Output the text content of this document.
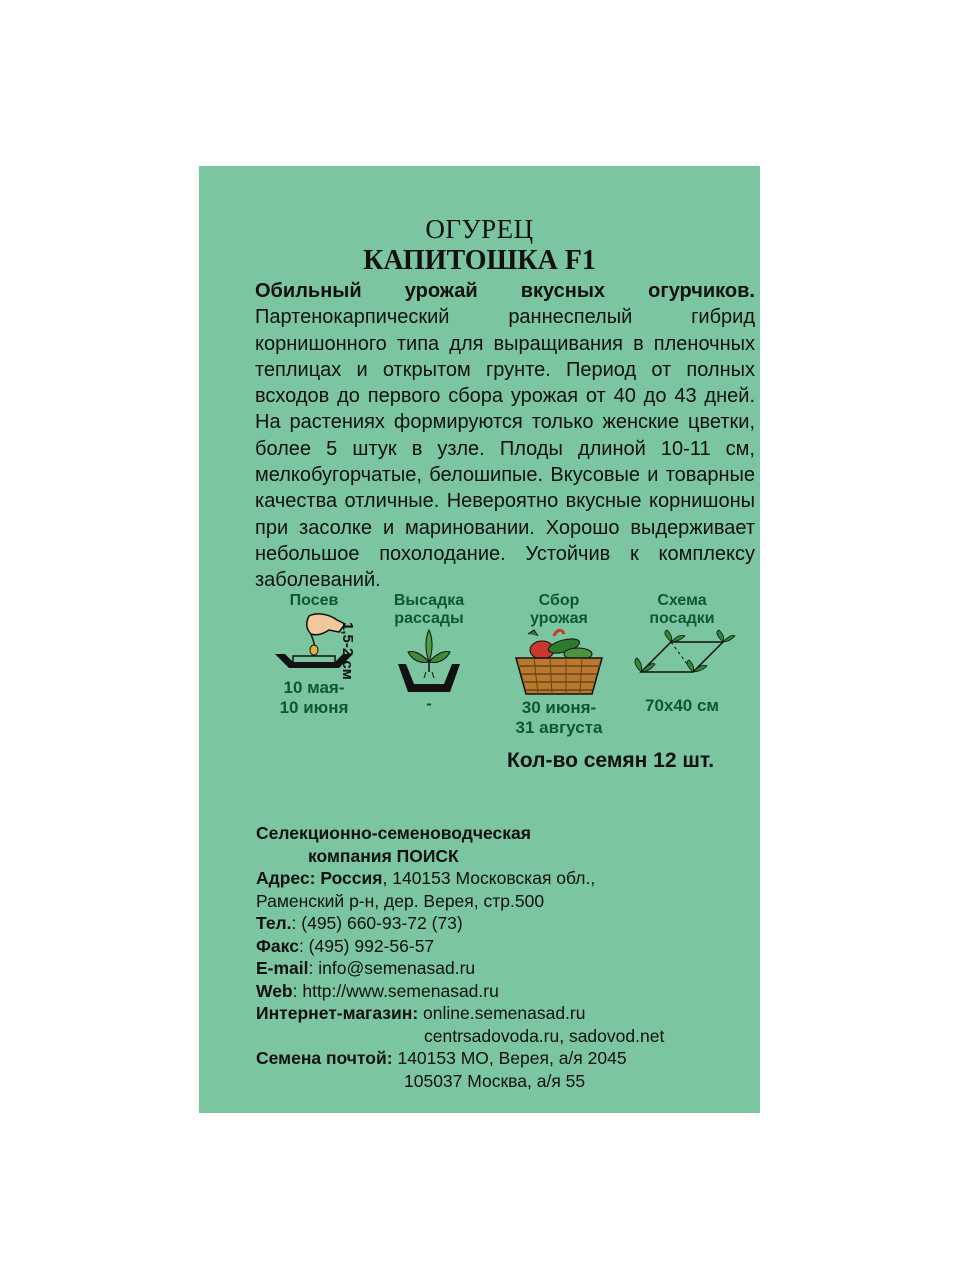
ОГУРЕЦ
КАПИТОШКА F1
Обильный урожай вкусных огурчиков.
Партенокарпический раннеспелый гибрид корнишонного типа для выращивания в пленочных теплицах и открытом грунте. Период от полных всходов до первого сбора урожая от 40 до 43 дней. На растениях формируются только женские цветки, более 5 штук в узле. Плоды длиной 10-11 см, мелкобугорчатые, белошипые. Вкусовые и товарные качества отличные. Невероятно вкусные корнишоны при засолке и мариновании. Хорошо выдерживает небольшое похолодание. Устойчив к комплексу заболеваний.
Посев
10 мая-
10 июня
1,5-2 см
Высадка
рассады
-
Сбор
урожая
30 июня-
31 августа
Схема
посадки
70x40 см
Кол-во семян 12 шт.
Селекционно-семеноводческая
компания ПОИСК
Адрес: Россия, 140153 Московская обл.,
Раменский р-н, дер. Верея, стр.500
Тел.: (495) 660-93-72 (73)
Факс: (495) 992-56-57
E-mail: info@semenasad.ru
Web: http://www.semenasad.ru
Интернет-магазин: online.semenasad.ru
centrsadovoda.ru, sadovod.net
Семена почтой: 140153 МО, Верея, а/я 2045
105037 Москва, а/я 55
